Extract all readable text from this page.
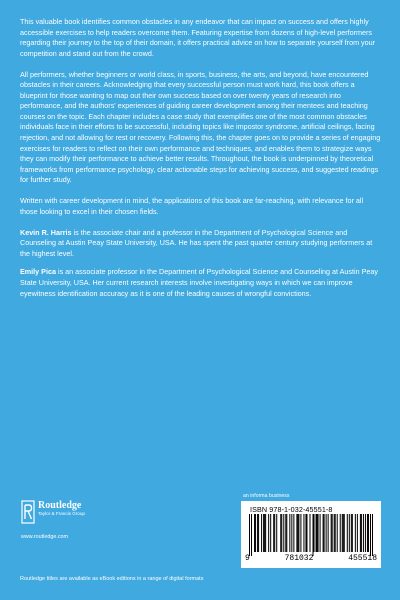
This valuable book identifies common obstacles in any endeavor that can impact on success and offers highly accessible exercises to help readers overcome them. Featuring expertise from dozens of high-level performers regarding their journey to the top of their domain, it offers practical advice on how to separate yourself from your competition and stand out from the crowd.

All performers, whether beginners or world class, in sports, business, the arts, and beyond, have encountered obstacles in their careers. Acknowledging that every successful person must work hard, this book offers a blueprint for those wanting to map out their own success based on over twenty years of research into performance, and the authors' experiences of guiding career development among their mentees and teaching courses on the topic. Each chapter includes a case study that exemplifies one of the most common obstacles individuals face in their efforts to be successful, including topics like impostor syndrome, artificial ceilings, facing rejection, and not allowing for rest or recovery. Following this, the chapter goes on to provide a series of engaging exercises for readers to reflect on their own performance and techniques, and enables them to strategize ways they can modify their performance to achieve better results. Throughout, the book is underpinned by theoretical frameworks from performance psychology, clear actionable steps for achieving success, and suggested readings for further study.

Written with career development in mind, the applications of this book are far-reaching, with relevance for all those looking to excel in their chosen fields.

Kevin R. Harris is the associate chair and a professor in the Department of Psychological Science and Counseling at Austin Peay State University, USA. He has spent the past quarter century studying performers at the highest level.

Emily Pica is an associate professor in the Department of Psychological Science and Counseling at Austin Peay State University, USA. Her current research interests involve investigating ways in which we can improve eyewitness identification accuracy as it is one of the leading causes of wrongful convictions.

Routledge
Taylor & Francis Group
www.routledge.com
Routledge titles are available as eBook editions in a range of digital formats
an informa business
ISBN 978-1-032-45551-8
9	781032	455518
